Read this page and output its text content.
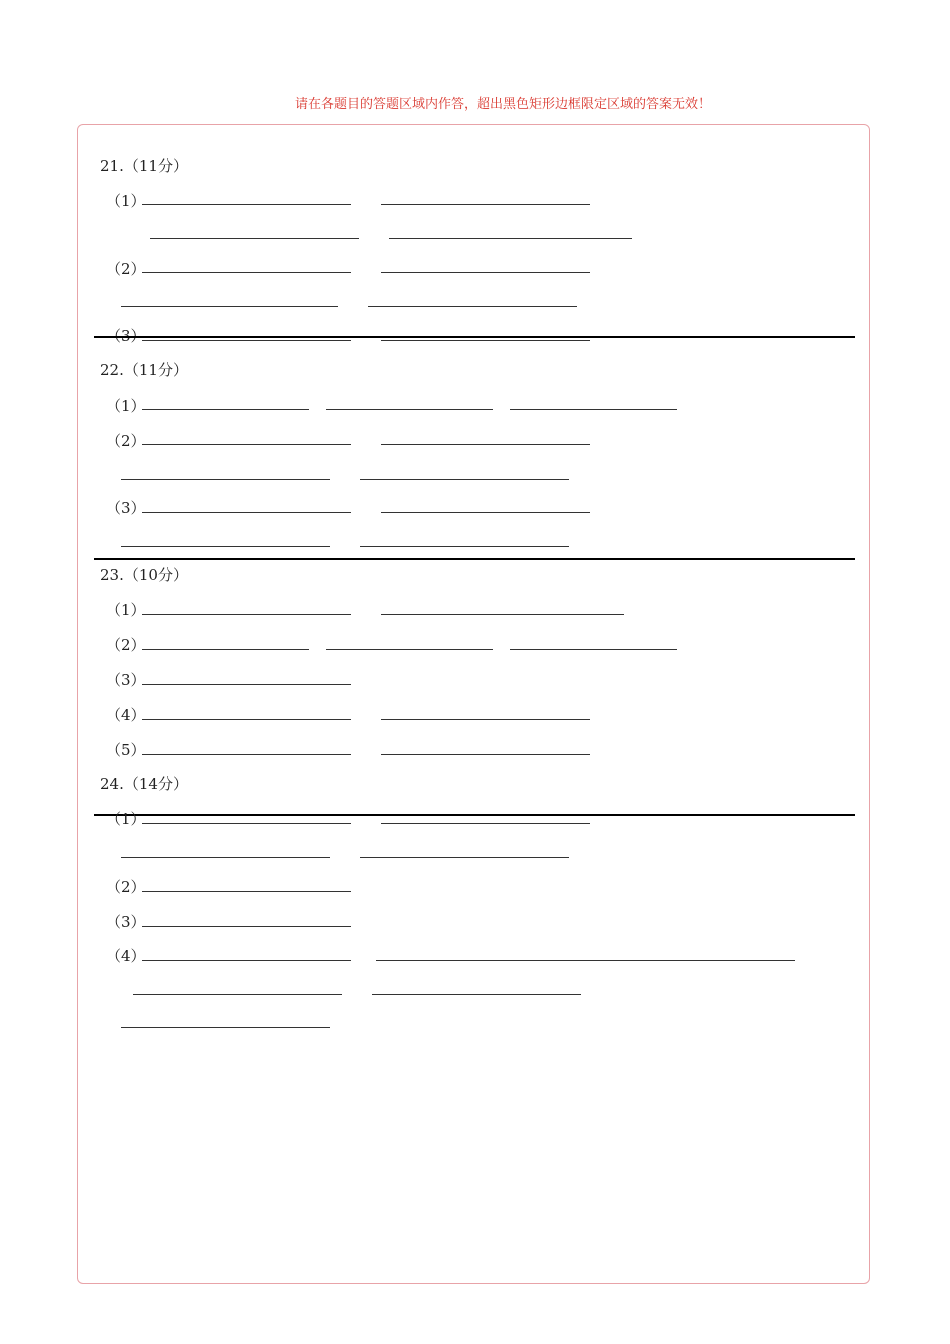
请在各题目的答题区域内作答，超出黑色矩形边框限定区域的答案无效！
21.（11分）
（1）
（2）
（3）
22.（11分）
（1）
（2）
（3）
23.（10分）
（1）
（2）
（3）
（4）
（5）
24.（14分）
（1）
（2）
（3）
（4）
